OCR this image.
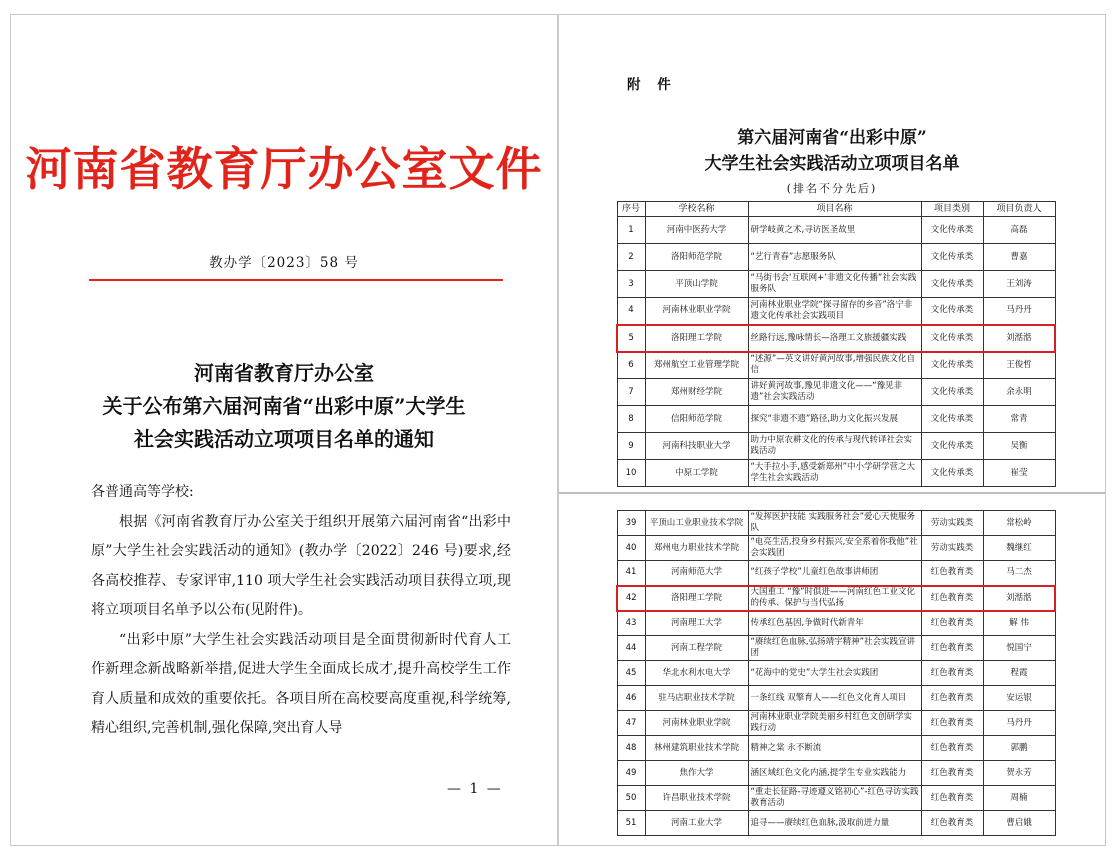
河南省教育厅办公室文件
教办学〔2023〕58 号
河南省教育厅办公室
关于公布第六届河南省“出彩中原”大学生
社会实践活动立项项目名单的通知

各普通高等学校:

根据《河南省教育厅办公室关于组织开展第六届河南省“出彩中原”大学生社会实践活动的通知》(教办学〔2022〕246 号)要求,经各高校推荐、专家评审,110 项大学生社会实践活动项目获得立项,现将立项项目名单予以公布(见附件)。

“出彩中原”大学生社会实践活动项目是全面贯彻新时代育人工作新理念新战略新举措,促进大学生全面成长成才,提升高校学生工作育人质量和成效的重要依托。各项目所在高校要高度重视,科学统筹,精心组织,完善机制,强化保障,突出育人导

— 1 —
附 件
第六届河南省“出彩中原”
大学生社会实践活动立项项目名单
(排名不分先后)
序号	学校名称	项目名称	项目类别	项目负责人
1	河南中医药大学	研学岐黄之术,寻访医圣故里	文化传承类	高磊
2	洛阳师范学院	“艺行青春”志愿服务队	文化传承类	曹嘉
3	平顶山学院	“马街书会‘互联网+’非遗文化传播”社会实践服务队	文化传承类	王刘涛
4	河南林业职业学院	河南林业职业学院“探寻留存的乡音”洛宁非遗文化传承社会实践项目	文化传承类	马丹丹
5	洛阳理工学院	丝路行远,豫咏情长—洛理工文旅援疆实践	文化传承类	刘湉湉
6	郑州航空工业管理学院	“述源”—英文讲好黄河故事,增强民族文化自信	文化传承类	王俊哲
7	郑州财经学院	讲好黄河故事,豫见非遗文化——“豫见非遗”社会实践活动	文化传承类	余永明
8	信阳师范学院	探究“非遗不遗”路径,助力文化振兴发展	文化传承类	常青
9	河南科技职业大学	助力中原农耕文化的传承与现代转译社会实践活动	文化传承类	吴衡
10	中原工学院	“大手拉小手,感受新郑州”中小学研学营之大学生社会实践活动	文化传承类	崔莹
39	平顶山工业职业技术学院	“发挥医护技能 实践服务社会”爱心天使服务队	劳动实践类	常松岭
40	郑州电力职业技术学院	“电亮生活,投身乡村振兴,安全系着你我他”社会实践团	劳动实践类	魏继红
41	河南师范大学	“红孩子学校”儿童红色故事讲师团	红色教育类	马二杰
42	洛阳理工学院	大国重工 “豫”时俱进——河南红色工业文化的传承、保护与当代弘扬	红色教育类	刘湉湉
43	河南理工大学	传承红色基因,争做时代新青年	红色教育类	解 伟
44	河南工程学院	“赓续红色血脉,弘扬靖宇精神”社会实践宣讲团	红色教育类	悦国宁
45	华北水利水电大学	“花海中的党史”大学生社会实践团	红色教育类	程霞
46	驻马店职业技术学院	一条红线 双擎育人——红色文化育人项目	红色教育类	安运银
47	河南林业职业学院	河南林业职业学院美丽乡村红色文创研学实践行动	红色教育类	马丹丹
48	林州建筑职业技术学院	精神之棠 永不断流	红色教育类	郭鹏
49	焦作大学	涵区域红色文化内涵,提学生专业实践能力	红色教育类	贺永芳
50	许昌职业技术学院	“重走长征路-寻迹遵义铭初心”-红色寻访实践教育活动	红色教育类	周楠
51	河南工业大学	追寻——赓续红色血脉,汲取前进力量	红色教育类	曹启娥
